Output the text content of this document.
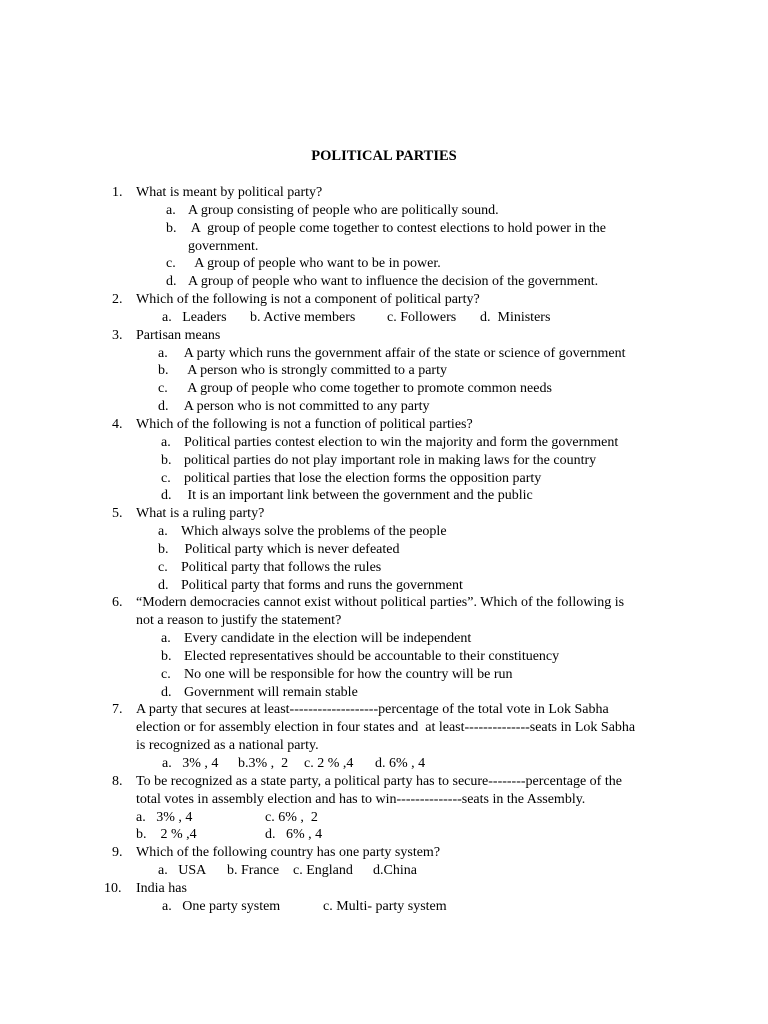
POLITICAL PARTIES
1. What is meant by political party?
a. A group consisting of people who are politically sound.
b. A  group of people come together to contest elections to hold power in the
government.
c. A group of people who want to be in power.
d. A group of people who want to influence the decision of the government.
2. Which of the following is not a component of political party?
a.   Leaders b. Active members c. Followers d.  Ministers
3. Partisan means
a. A party which runs the government affair of the state or science of government
b. A person who is strongly committed to a party
c. A group of people who come together to promote common needs
d. A person who is not committed to any party
4. Which of the following is not a function of political parties?
a. Political parties contest election to win the majority and form the government
b. political parties do not play important role in making laws for the country
c. political parties that lose the election forms the opposition party
d. It is an important link between the government and the public
5. What is a ruling party?
a. Which always solve the problems of the people
b. Political party which is never defeated
c. Political party that follows the rules
d. Political party that forms and runs the government
6. “Modern democracies cannot exist without political parties”. Which of the following is
not a reason to justify the statement?
a. Every candidate in the election will be independent
b. Elected representatives should be accountable to their constituency
c. No one will be responsible for how the country will be run
d. Government will remain stable
7. A party that secures at least-------------------percentage of the total vote in Lok Sabha
election or for assembly election in four states and  at least--------------seats in Lok Sabha
is recognized as a national party.
a.   3% , 4 b.3% ,  2 c. 2 % ,4 d. 6% , 4
8. To be recognized as a state party, a political party has to secure--------percentage of the
total votes in assembly election and has to win--------------seats in the Assembly.
a.   3% , 4	c. 6% ,  2
b.    2 % ,4	d.   6% , 4
9. Which of the following country has one party system?
a.   USA b. France c. England d.China
10. India has
a.   One party system	c. Multi- party system
